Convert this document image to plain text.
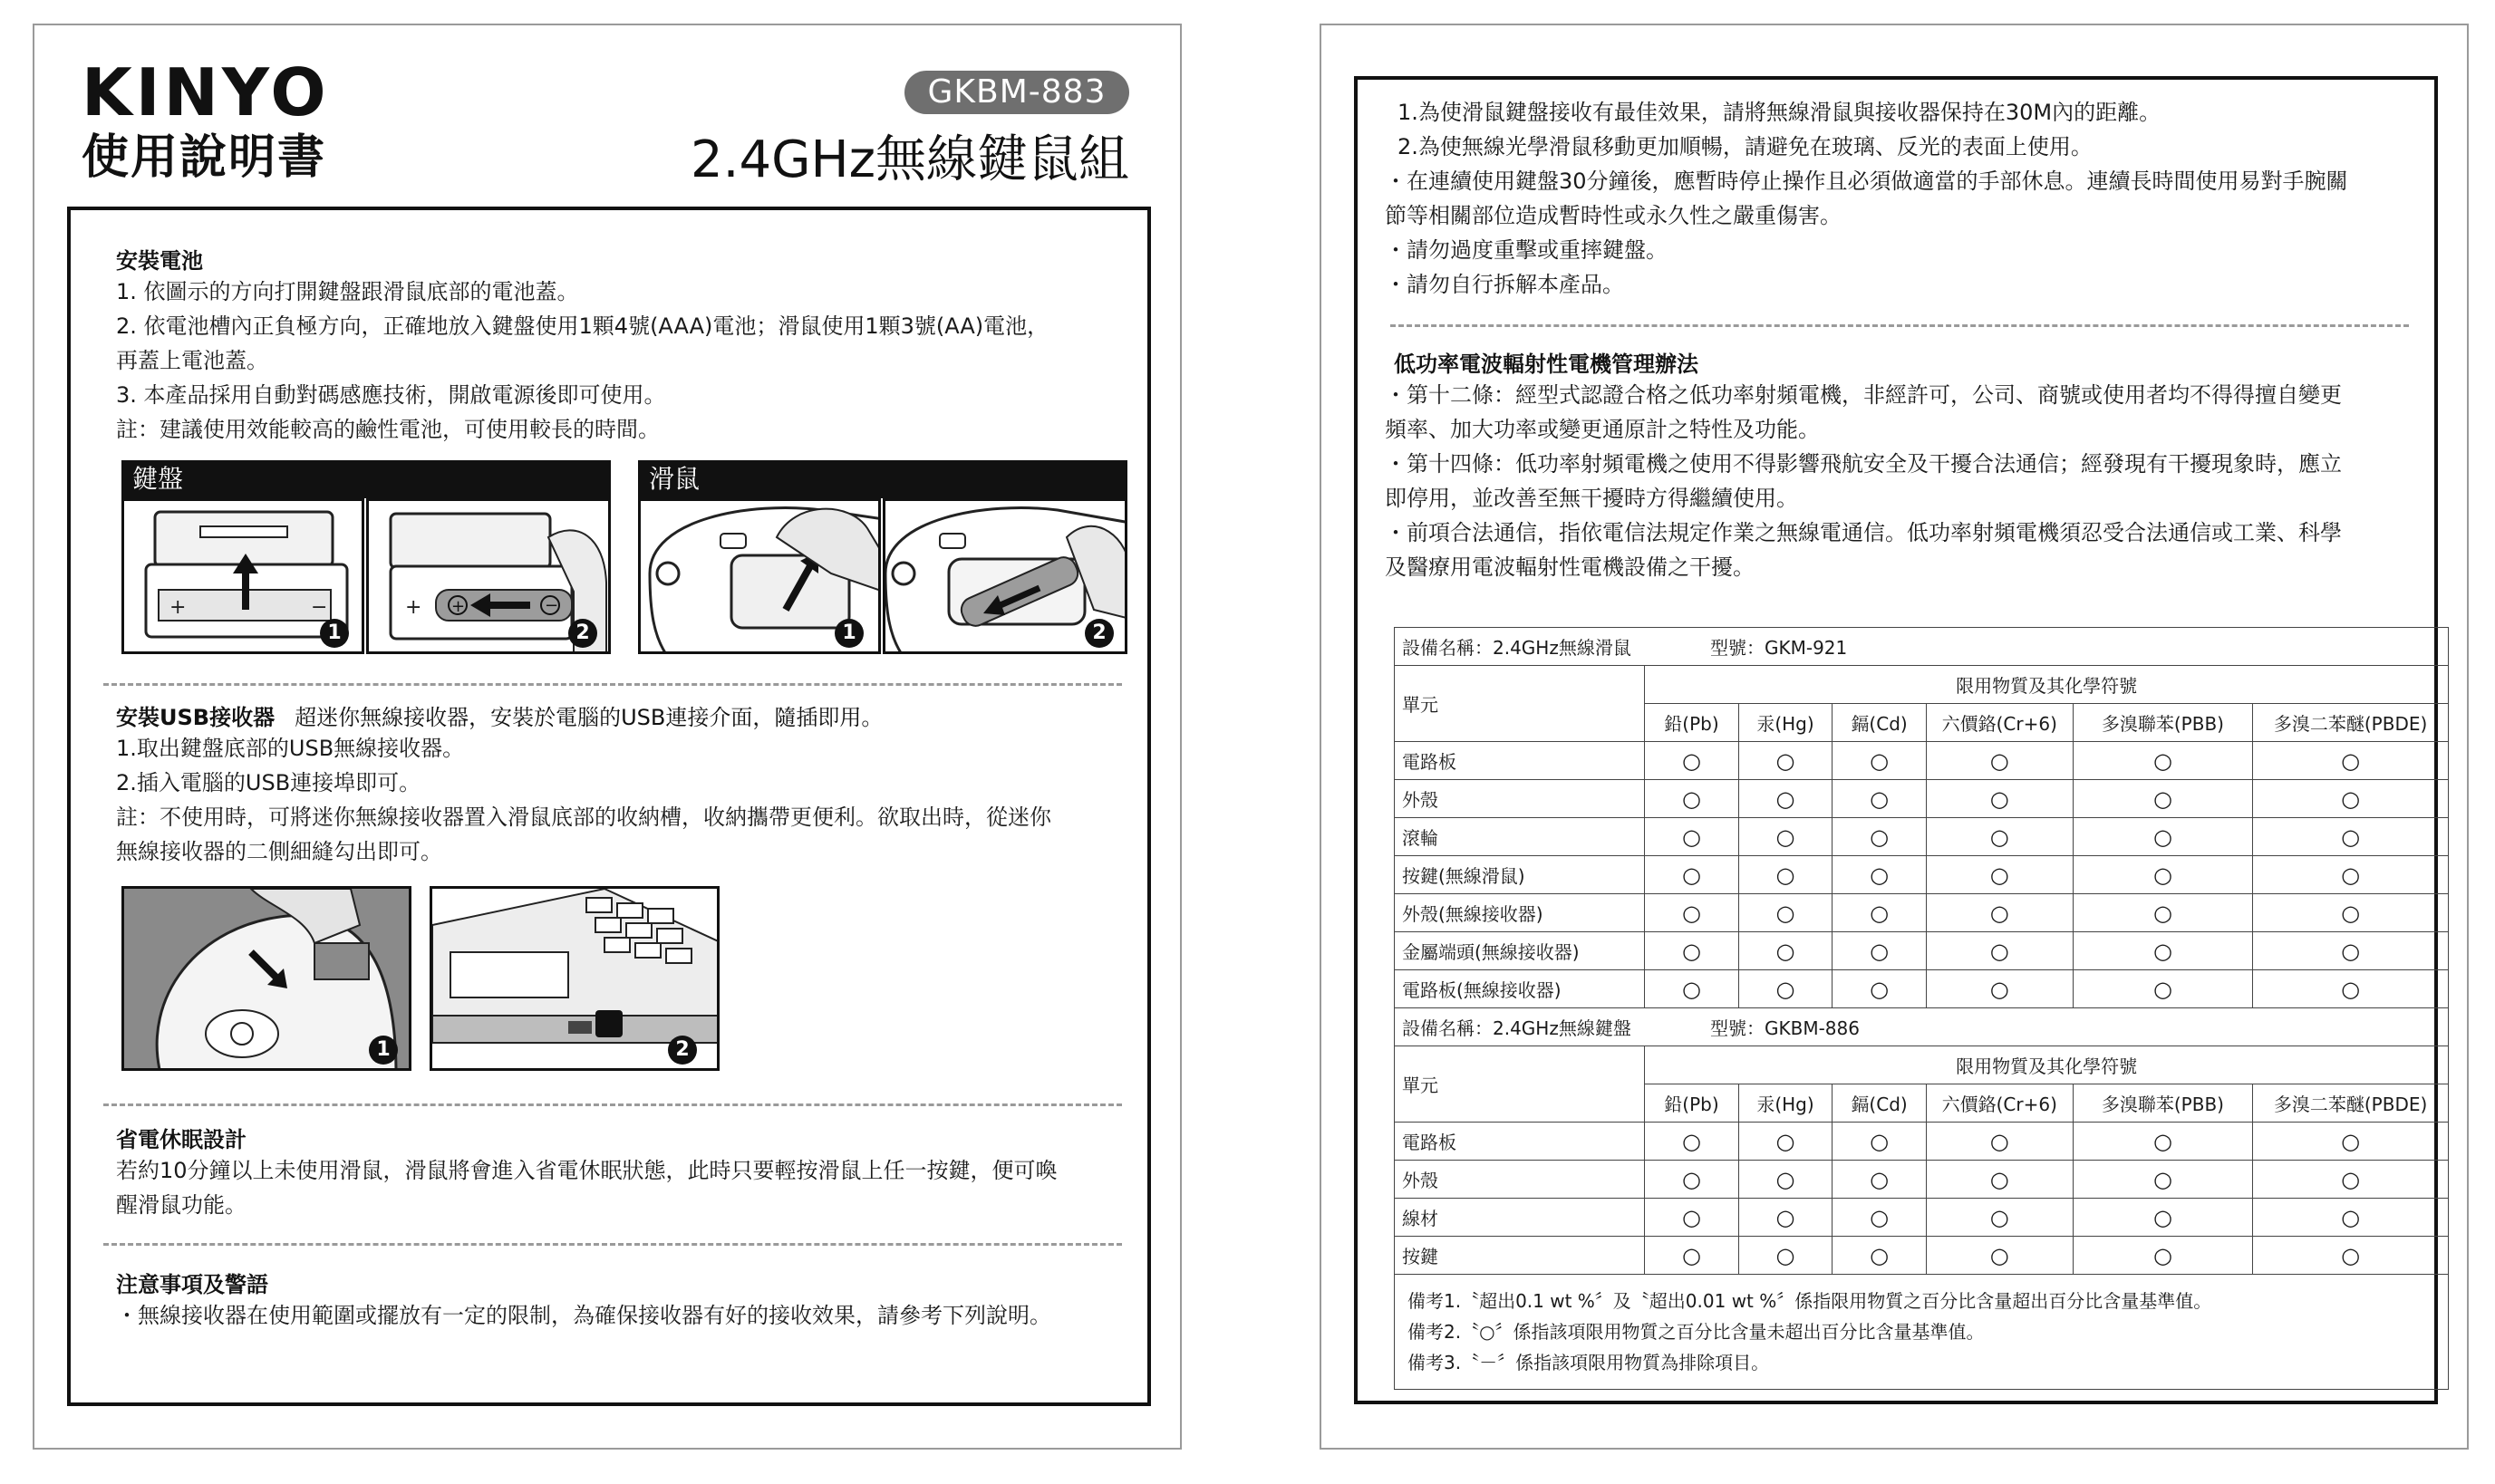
KINYO
使用說明書
GKBM-883
2.4GHz無線鍵鼠組
安裝電池
1. 依圖示的方向打開鍵盤跟滑鼠底部的電池蓋。
2. 依電池槽內正負極方向，正確地放入鍵盤使用1顆4號(AAA)電池；滑鼠使用1顆3號(AA)電池，
再蓋上電池蓋。
3. 本產品採用自動對碼感應技術，開啟電源後即可使用。
註：建議使用效能較高的鹼性電池，可使用較長的時間。
鍵盤
+	−
1
+ +	−
2
滑鼠
1	2
安裝USB接收器 超迷你無線接收器，安裝於電腦的USB連接介面，隨插即用。
1.取出鍵盤底部的USB無線接收器。
2.插入電腦的USB連接埠即可。
註：不使用時，可將迷你無線接收器置入滑鼠底部的收納槽，收納攜帶更便利。欲取出時，從迷你
無線接收器的二側細縫勾出即可。
1	2
省電休眠設計
若約10分鐘以上未使用滑鼠，滑鼠將會進入省電休眠狀態，此時只要輕按滑鼠上任一按鍵，便可喚
醒滑鼠功能。
注意事項及警語
・無線接收器在使用範圍或擺放有一定的限制，為確保接收器有好的接收效果，請參考下列說明。
1.為使滑鼠鍵盤接收有最佳效果，請將無線滑鼠與接收器保持在30M內的距離。
2.為使無線光學滑鼠移動更加順暢，請避免在玻璃、反光的表面上使用。
・在連續使用鍵盤30分鐘後，應暫時停止操作且必須做適當的手部休息。連續長時間使用易對手腕關
節等相關部位造成暫時性或永久性之嚴重傷害。
・請勿過度重擊或重摔鍵盤。
・請勿自行拆解本產品。
低功率電波輻射性電機管理辦法
・第十二條：經型式認證合格之低功率射頻電機，非經許可，公司、商號或使用者均不得得擅自變更
頻率、加大功率或變更通原計之特性及功能。
・第十四條：低功率射頻電機之使用不得影響飛航安全及干擾合法通信；經發現有干擾現象時，應立
即停用，並改善至無干擾時方得繼續使用。
・前項合法通信，指依電信法規定作業之無線電通信。低功率射頻電機須忍受合法通信或工業、科學
及醫療用電波輻射性電機設備之干擾。
設備名稱：2.4GHz無線滑鼠 型號：GKM-921						
單元	限用物質及其化學符號					
	鉛(Pb)	汞(Hg)	鎘(Cd)	六價鉻(Cr+6)	多溴聯苯(PBB)	多溴二苯醚(PBDE)
電路板	○	○	○	○	○	○
外殼	○	○	○	○	○	○
滾輪	○	○	○	○	○	○
按鍵(無線滑鼠)	○	○	○	○	○	○
外殼(無線接收器)	○	○	○	○	○	○
金屬端頭(無線接收器)	○	○	○	○	○	○
電路板(無線接收器)	○	○	○	○	○	○
設備名稱：2.4GHz無線鍵盤 型號：GKBM-886						
單元	限用物質及其化學符號					
	鉛(Pb)	汞(Hg)	鎘(Cd)	六價鉻(Cr+6)	多溴聯苯(PBB)	多溴二苯醚(PBDE)
電路板	○	○	○	○	○	○
外殼	○	○	○	○	○	○
線材	○	○	○	○	○	○
按鍵	○	○	○	○	○	○
備考1.〝超出0.1 wt %〞及〝超出0.01 wt %〞係指限用物質之百分比含量超出百分比含量基準值。
備考2.〝○〞係指該項限用物質之百分比含量未超出百分比含量基準值。
備考3.〝－〞係指該項限用物質為排除項目。
